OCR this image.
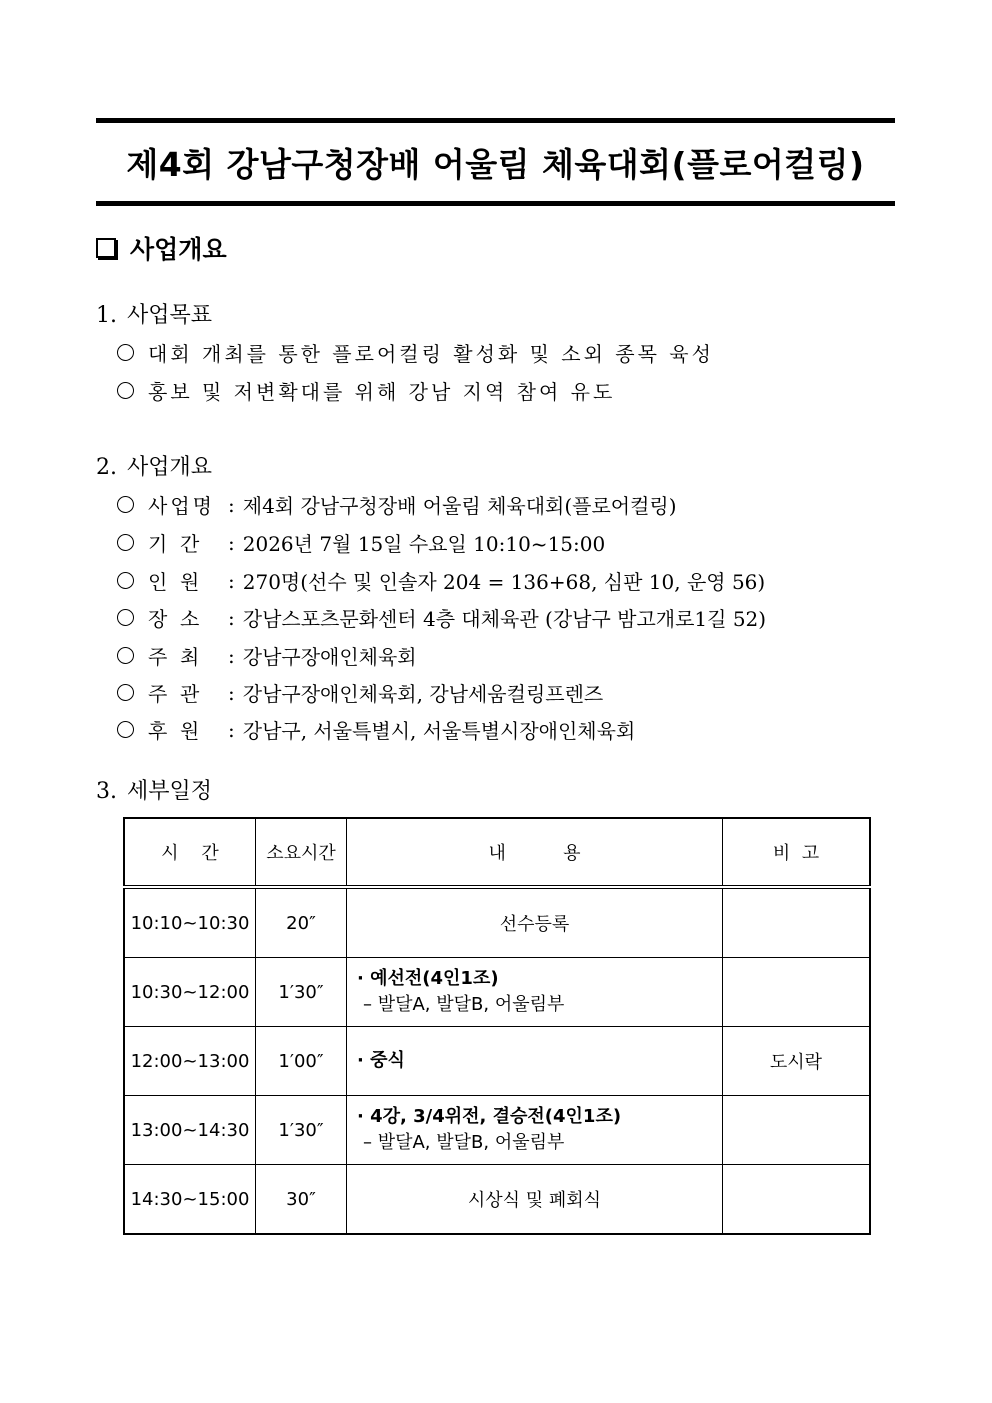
제4회 강남구청장배 어울림 체육대회(플로어컬링)
사업개요
1. 사업목표
대회 개최를 통한 플로어컬링 활성화 및 소외 종목 육성
홍보 및 저변확대를 위해 강남 지역 참여 유도
2. 사업개요
사업명 : 제4회 강남구청장배 어울림 체육대회(플로어컬링)
기  간	: 2026년 7월 15일 수요일 10:10~15:00
인  원	: 270명(선수 및 인솔자 204 = 136+68, 심판 10, 운영 56)
장  소	: 강남스포츠문화센터 4층 대체육관 (강남구 밤고개로1길 52)
주  최	: 강남구장애인체육회
주  관	: 강남구장애인체육회, 강남세움컬링프렌즈
후  원	: 강남구, 서울특별시, 서울특별시장애인체육회
3. 세부일정
시    간	소요시간	내          용	비  고
10:10~10:30	20″	선수등록	
10:30~12:00	1′30″	· 예선전(4인1조)
– 발달A, 발달B, 어울림부	

12:00~13:00	1′00″	· 중식	도시락
13:00~14:30	1′30″	· 4강, 3/4위전, 결승전(4인1조)
– 발달A, 발달B, 어울림부	

14:30~15:00	30″	시상식 및 폐회식	
